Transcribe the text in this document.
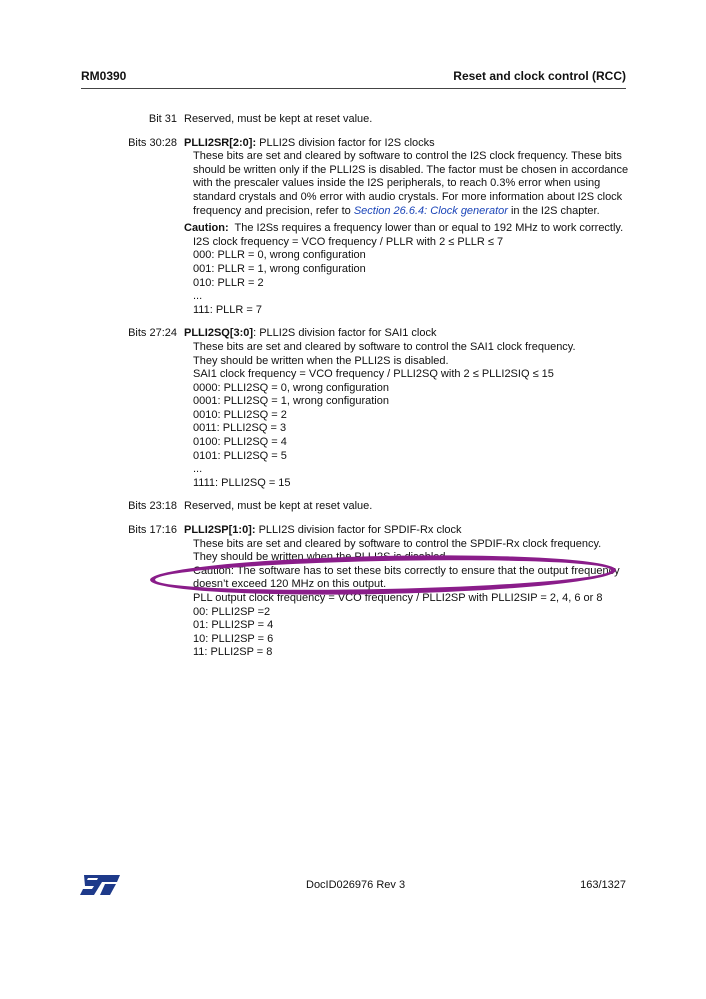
RM0390	Reset and clock control (RCC)
Bit 31 Reserved, must be kept at reset value.
Bits 30:28 PLLI2SR[2:0]: PLLI2S division factor for I2S clocks
These bits are set and cleared by software to control the I2S clock frequency. These bits
should be written only if the PLLI2S is disabled. The factor must be chosen in accordance
with the prescaler values inside the I2S peripherals, to reach 0.3% error when using
standard crystals and 0% error with audio crystals. For more information about I2S clock
frequency and precision, refer to Section 26.6.4: Clock generator in the I2S chapter.
Caution: The I2Ss requires a frequency lower than or equal to 192 MHz to work correctly.
I2S clock frequency = VCO frequency / PLLR with 2 ≤ PLLR ≤ 7
000: PLLR = 0, wrong configuration
001: PLLR = 1, wrong configuration
010: PLLR = 2
...
111: PLLR = 7
Bits 27:24 PLLI2SQ[3:0]: PLLI2S division factor for SAI1 clock
These bits are set and cleared by software to control the SAI1 clock frequency.
They should be written when the PLLI2S is disabled.
SAI1 clock frequency = VCO frequency / PLLI2SQ with 2 ≤ PLLI2SIQ ≤ 15
0000: PLLI2SQ = 0, wrong configuration
0001: PLLI2SQ = 1, wrong configuration
0010: PLLI2SQ = 2
0011: PLLI2SQ = 3
0100: PLLI2SQ = 4
0101: PLLI2SQ = 5
...
1111: PLLI2SQ = 15
Bits 23:18 Reserved, must be kept at reset value.
Bits 17:16 PLLI2SP[1:0]: PLLI2S division factor for SPDIF-Rx clock
These bits are set and cleared by software to control the SPDIF-Rx clock frequency.
They should be written when the PLLI2S is disabled.
Caution: The software has to set these bits correctly to ensure that the output frequency
doesn’t exceed 120 MHz on this output.
PLL output clock frequency = VCO frequency / PLLI2SP with PLLI2SIP = 2, 4, 6 or 8
00: PLLI2SP =2
01: PLLI2SP = 4
10: PLLI2SP = 6
11: PLLI2SP = 8
DocID026976 Rev 3	163/1327
